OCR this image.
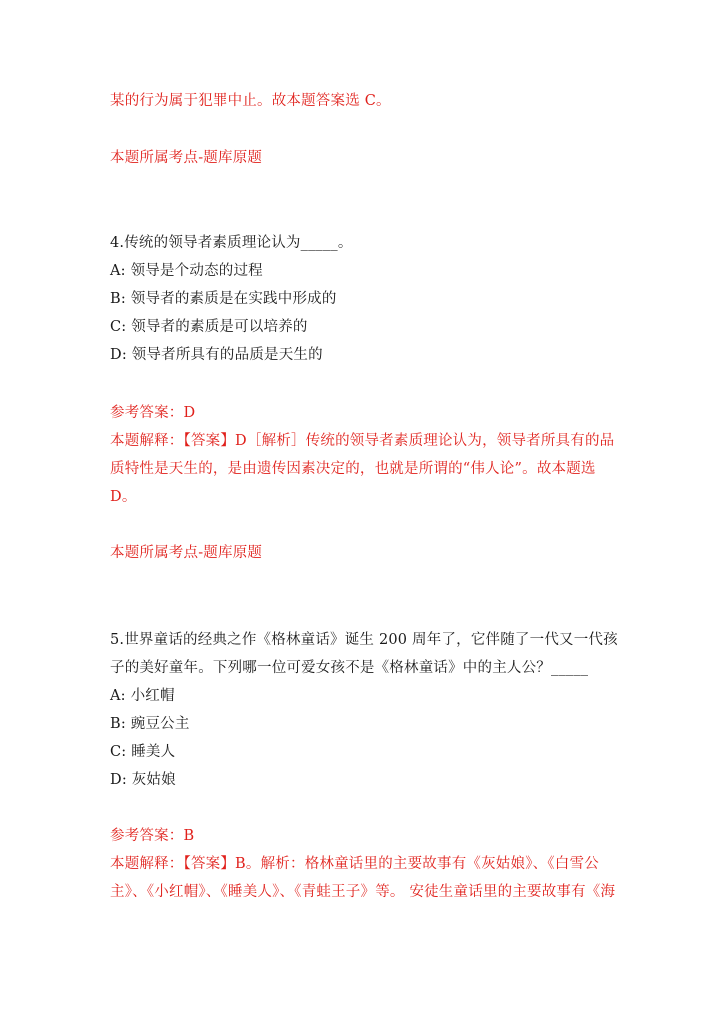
某的行为属于犯罪中止。故本题答案选 C。
本题所属考点-题库原题
4.传统的领导者素质理论认为_____。
A: 领导是个动态的过程
B: 领导者的素质是在实践中形成的
C: 领导者的素质是可以培养的
D: 领导者所具有的品质是天生的
参考答案：D
本题解释：【答案】D［解析］传统的领导者素质理论认为，领导者所具有的品
质特性是天生的，是由遗传因素决定的，也就是所谓的“伟人论”。故本题选
D。
本题所属考点-题库原题
5.世界童话的经典之作《格林童话》诞生 200 周年了，它伴随了一代又一代孩
子的美好童年。下列哪一位可爱女孩不是《格林童话》中的主人公？_____
A: 小红帽
B: 豌豆公主
C: 睡美人
D: 灰姑娘
参考答案：B
本题解释：【答案】B。解析：格林童话里的主要故事有《灰姑娘》、《白雪公
主》、《小红帽》、《睡美人》、《青蛙王子》等。 安徒生童话里的主要故事有《海
